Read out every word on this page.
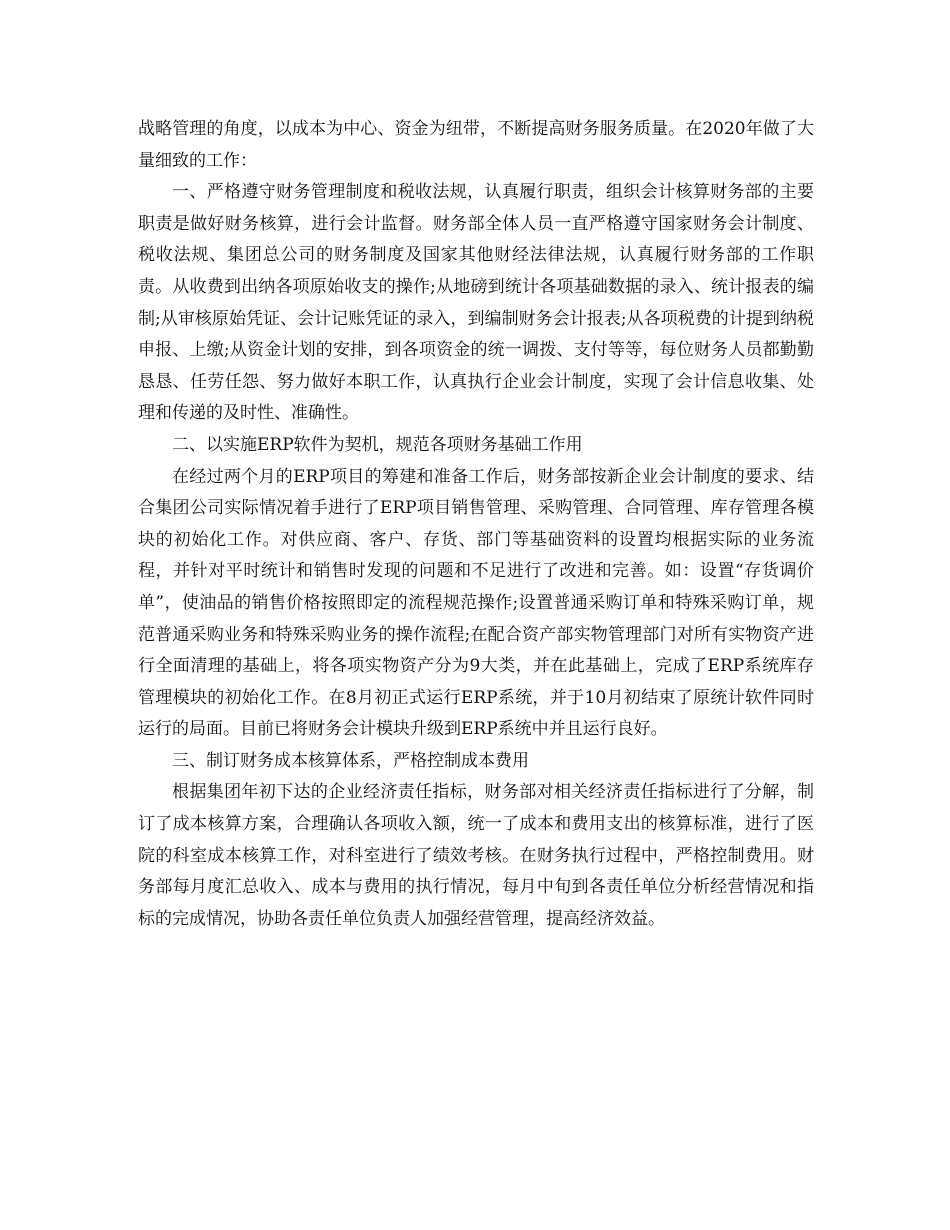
战略管理的角度，以成本为中心、资金为纽带，不断提高财务服务质量。在2020年做了大量细致的工作：

一、严格遵守财务管理制度和税收法规，认真履行职责，组织会计核算财务部的主要职责是做好财务核算，进行会计监督。财务部全体人员一直严格遵守国家财务会计制度、税收法规、集团总公司的财务制度及国家其他财经法律法规，认真履行财务部的工作职责。从收费到出纳各项原始收支的操作;从地磅到统计各项基础数据的录入、统计报表的编制;从审核原始凭证、会计记账凭证的录入，到编制财务会计报表;从各项税费的计提到纳税申报、上缴;从资金计划的安排，到各项资金的统一调拨、支付等等，每位财务人员都勤勤恳恳、任劳任怨、努力做好本职工作，认真执行企业会计制度，实现了会计信息收集、处理和传递的及时性、准确性。

二、以实施ERP软件为契机，规范各项财务基础工作用

在经过两个月的ERP项目的筹建和准备工作后，财务部按新企业会计制度的要求、结合集团公司实际情况着手进行了ERP项目销售管理、采购管理、合同管理、库存管理各模块的初始化工作。对供应商、客户、存货、部门等基础资料的设置均根据实际的业务流程，并针对平时统计和销售时发现的问题和不足进行了改进和完善。如：设置“存货调价单”，使油品的销售价格按照即定的流程规范操作;设置普通采购订单和特殊采购订单，规范普通采购业务和特殊采购业务的操作流程;在配合资产部实物管理部门对所有实物资产进行全面清理的基础上，将各项实物资产分为9大类，并在此基础上，完成了ERP系统库存管理模块的初始化工作。在8月初正式运行ERP系统，并于10月初结束了原统计软件同时运行的局面。目前已将财务会计模块升级到ERP系统中并且运行良好。

三、制订财务成本核算体系，严格控制成本费用

根据集团年初下达的企业经济责任指标，财务部对相关经济责任指标进行了分解，制订了成本核算方案，合理确认各项收入额，统一了成本和费用支出的核算标准，进行了医院的科室成本核算工作，对科室进行了绩效考核。在财务执行过程中，严格控制费用。财务部每月度汇总收入、成本与费用的执行情况，每月中旬到各责任单位分析经营情况和指标的完成情况，协助各责任单位负责人加强经营管理，提高经济效益。
